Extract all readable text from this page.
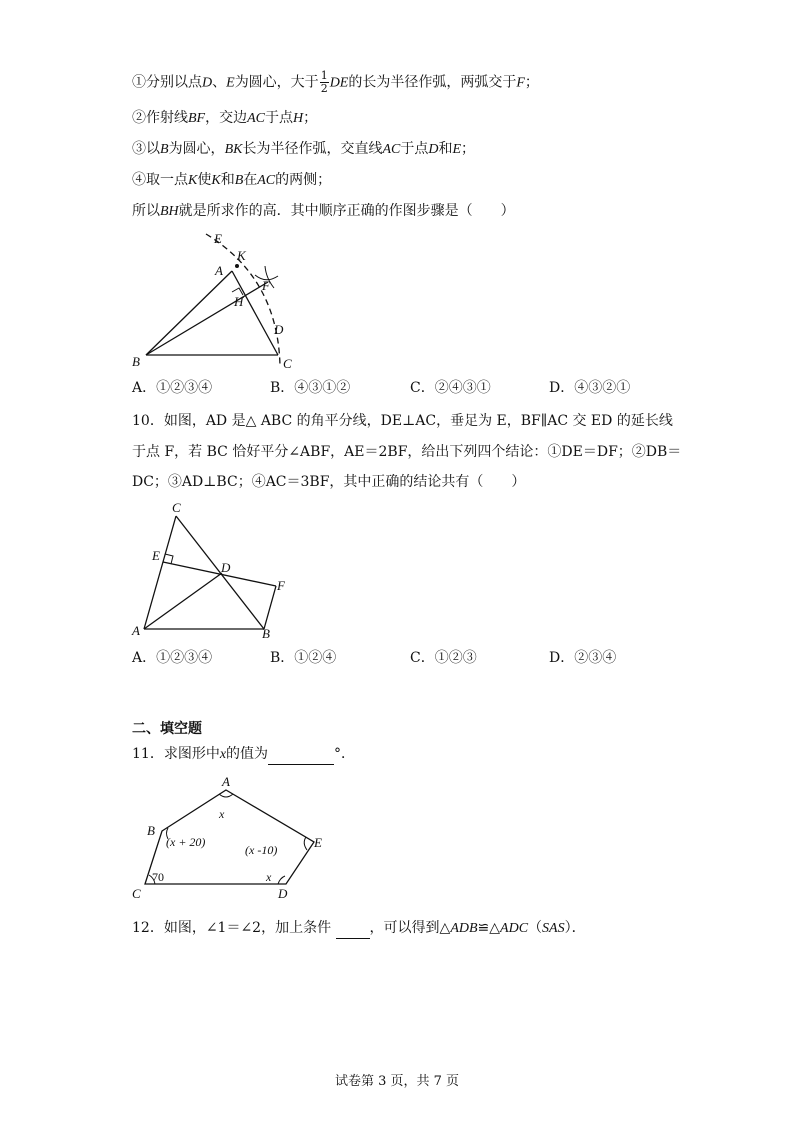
①分别以点D、E为圆心，大于 $\frac{1}{2}$ DE的长为半径作弧，两弧交于F；
②作射线BF，交边AC于点H；
③以B为圆心，BK长为半径作弧，交直线AC于点D和E；
④取一点K使K和B在AC的两侧；
所以BH就是所求作的高．其中顺序正确的作图步骤是（　　）
E
K
A
F
H
D
B	C
A．①②③④	B．④③①②	C．②④③①	D．④③②①
10．如图，AD 是△ ABC 的角平分线，DE⊥AC，垂足为 E，BF∥AC 交 ED 的延长线
于点 F，若 BC 恰好平分∠ABF，AE＝2BF，给出下列四个结论：①DE＝DF；②DB＝
DC；③AD⊥BC；④AC＝3BF，其中正确的结论共有（　　）
C
E
D
F
A	B
A．①②③④	B．①②④	C．①②③	D．②③④
二、填空题
11．求图形中x的值为	°．
A
B
E
C	D
x
(x + 20)
(x -10)
70	x
12．如图，∠1＝∠2，加上条件	，可以得到△ADB≌△ADC（SAS）．
试卷第 3 页，共 7 页
